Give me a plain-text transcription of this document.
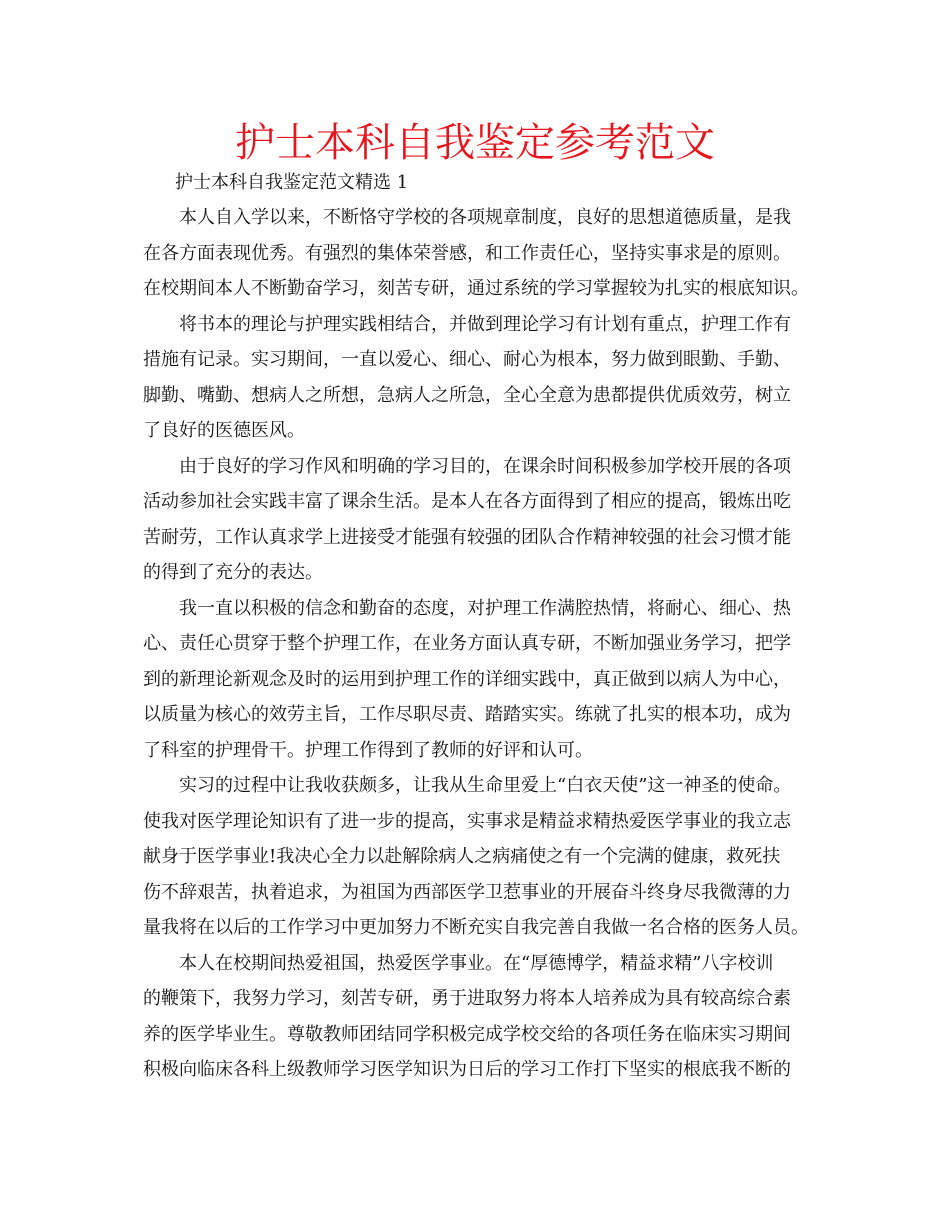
护士本科自我鉴定参考范文

护士本科自我鉴定范文精选 1

本人自入学以来，不断恪守学校的各项规章制度，良好的思想道德质量，是我
在各方面表现优秀。有强烈的集体荣誉感，和工作责任心，坚持实事求是的原则。
在校期间本人不断勤奋学习，刻苦专研，通过系统的学习掌握较为扎实的根底知识。

将书本的理论与护理实践相结合，并做到理论学习有计划有重点，护理工作有
措施有记录。实习期间，一直以爱心、细心、耐心为根本，努力做到眼勤、手勤、
脚勤、嘴勤、想病人之所想，急病人之所急，全心全意为患都提供优质效劳，树立
了良好的医德医风。

由于良好的学习作风和明确的学习目的，在课余时间积极参加学校开展的各项
活动参加社会实践丰富了课余生活。是本人在各方面得到了相应的提高，锻炼出吃
苦耐劳，工作认真求学上进接受才能强有较强的团队合作精神较强的社会习惯才能
的得到了充分的表达。

我一直以积极的信念和勤奋的态度，对护理工作满腔热情，将耐心、细心、热
心、责任心贯穿于整个护理工作，在业务方面认真专研，不断加强业务学习，把学
到的新理论新观念及时的运用到护理工作的详细实践中，真正做到以病人为中心，
以质量为核心的效劳主旨，工作尽职尽责、踏踏实实。练就了扎实的根本功，成为
了科室的护理骨干。护理工作得到了教师的好评和认可。

实习的过程中让我收获颇多，让我从生命里爱上“白衣天使”这一神圣的使命。
使我对医学理论知识有了进一步的提高，实事求是精益求精热爱医学事业的我立志
献身于医学事业!我决心全力以赴解除病人之病痛使之有一个完满的健康，救死扶
伤不辞艰苦，执着追求，为祖国为西部医学卫惹事业的开展奋斗终身尽我微薄的力
量我将在以后的工作学习中更加努力不断充实自我完善自我做一名合格的医务人员。

本人在校期间热爱祖国，热爱医学事业。在“厚德博学，精益求精”八字校训
的鞭策下，我努力学习，刻苦专研，勇于进取努力将本人培养成为具有较高综合素
养的医学毕业生。尊敬教师团结同学积极完成学校交给的各项任务在临床实习期间
积极向临床各科上级教师学习医学知识为日后的学习工作打下坚实的根底我不断的
